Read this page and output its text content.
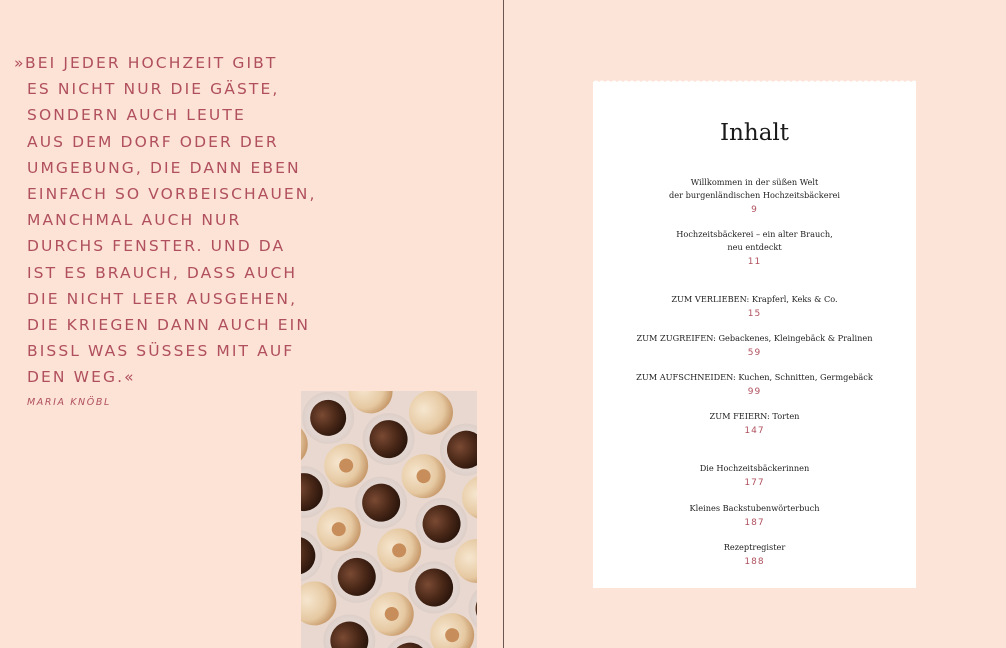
»BEI JEDER HOCHZEIT GIBT
ES NICHT NUR DIE GÄSTE,
SONDERN AUCH LEUTE
AUS DEM DORF ODER DER
UMGEBUNG, DIE DANN EBEN
EINFACH SO VORBEISCHAUEN,
MANCHMAL AUCH NUR
DURCHS FENSTER. UND DA
IST ES BRAUCH, DASS AUCH
DIE NICHT LEER AUSGEHEN,
DIE KRIEGEN DANN AUCH EIN
BISSL WAS SÜSSES MIT AUF
DEN WEG.«

MARIA KNÖBL
Inhalt
Willkommen in der süßen Welt
der burgenländischen Hochzeitsbäckerei
9
Hochzeitsbäckerei – ein alter Brauch,
neu entdeckt
11
ZUM VERLIEBEN: Krapferl, Keks & Co.
15
ZUM ZUGREIFEN: Gebackenes, Kleingebäck & Pralinen
59
ZUM AUFSCHNEIDEN: Kuchen, Schnitten, Germgebäck
99
ZUM FEIERN: Torten
147
Die Hochzeitsbäckerinnen
177
Kleines Backstubenwörterbuch
187
Rezeptregister
188
